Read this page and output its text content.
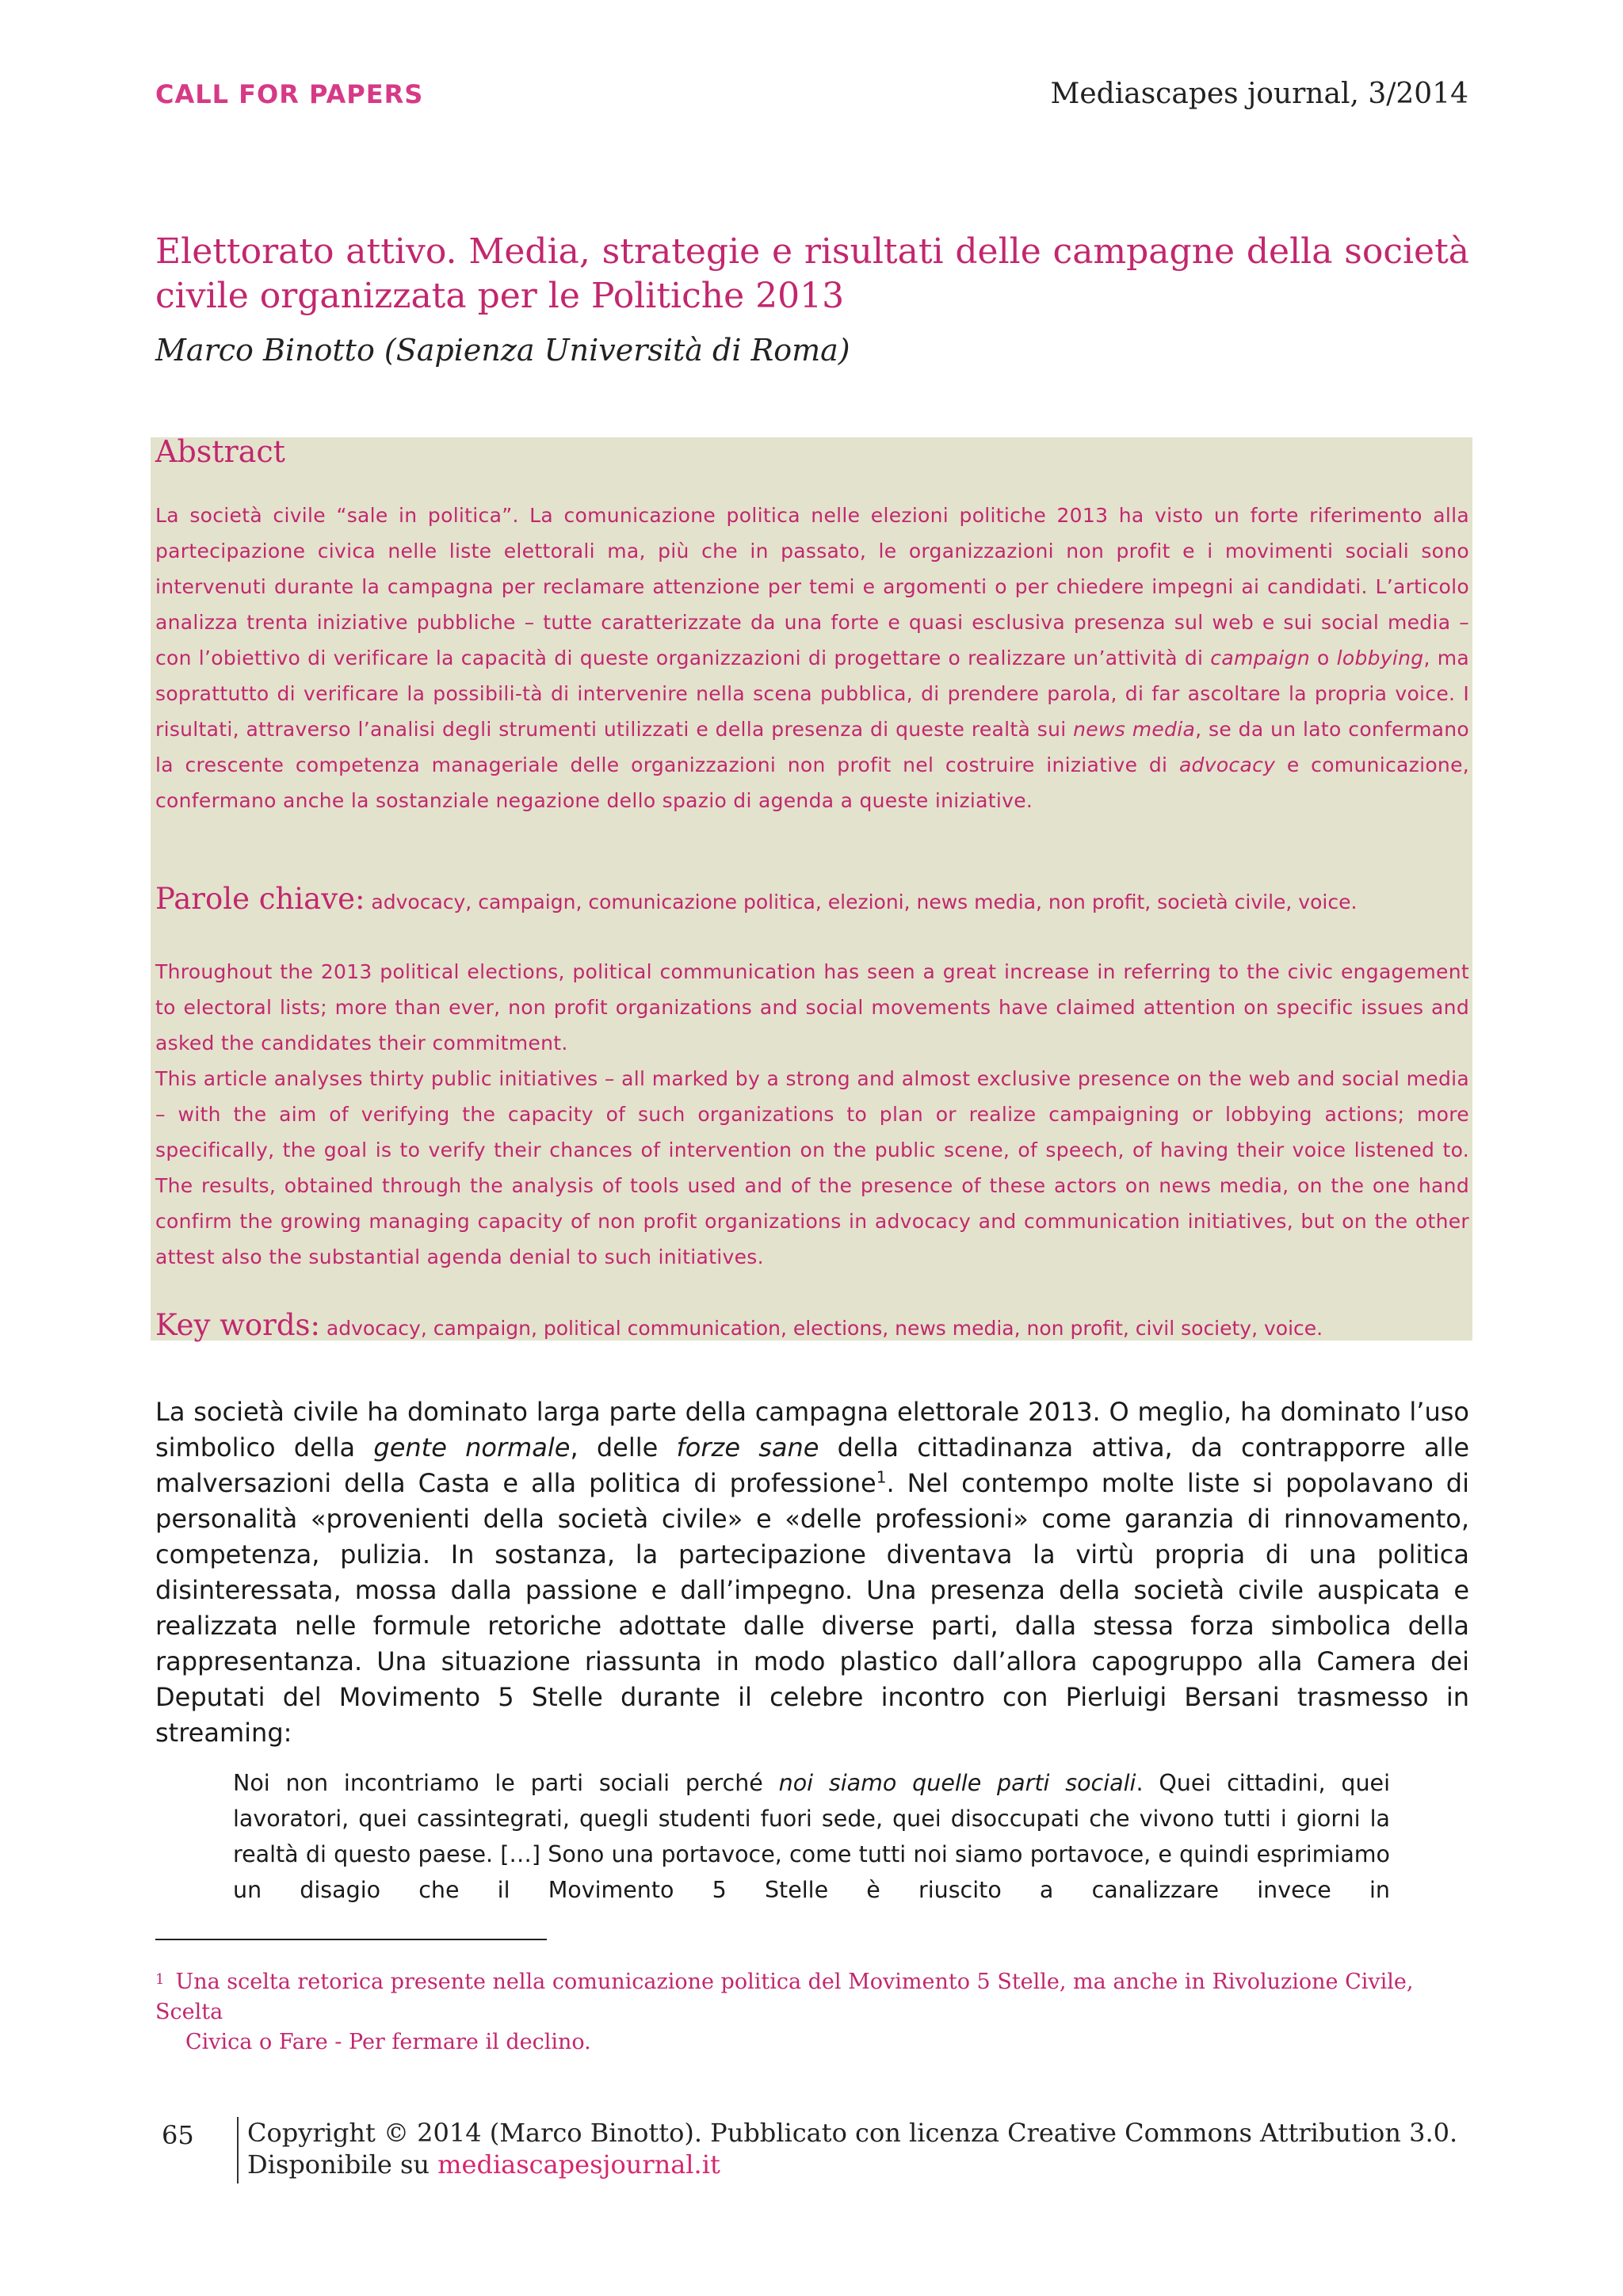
CALL FOR PAPERS	Mediascapes journal, 3/2014
Elettorato attivo. Media, strategie e risultati delle campagne della società civile organizzata per le Politiche 2013
Marco Binotto (Sapienza Università di Roma)
Abstract

La società civile “sale in politica”. La comunicazione politica nelle elezioni politiche 2013 ha visto un forte riferimento alla partecipazione civica nelle liste elettorali ma, più che in passato, le organizzazioni non profit e i movimenti sociali sono intervenuti durante la campagna per reclamare attenzione per temi e argomenti o per chiedere impegni ai candidati. L’articolo analizza trenta iniziative pubbliche – tutte caratterizzate da una forte e quasi esclusiva presenza sul web e sui social media – con l’obiettivo di verificare la capacità di queste organizzazioni di progettare o realizzare un’attività di campaign o lobbying, ma soprattutto di verificare la possibili-tà di intervenire nella scena pubblica, di prendere parola, di far ascoltare la propria voice. I risultati, attraverso l’analisi degli strumenti utilizzati e della presenza di queste realtà sui news media, se da un lato confermano la crescente competenza manageriale delle organizzazioni non profit nel costruire iniziative di advocacy e comunicazione, confermano anche la sostanziale negazione dello spazio di agenda a queste iniziative.

Parole chiave: advocacy, campaign, comunicazione politica, elezioni, news media, non profit, società civile, voice.

Throughout the 2013 political elections, political communication has seen a great increase in referring to the civic engagement to electoral lists; more than ever, non profit organizations and social movements have claimed attention on specific issues and asked the candidates their commitment.

This article analyses thirty public initiatives – all marked by a strong and almost exclusive presence on the web and social media – with the aim of verifying the capacity of such organizations to plan or realize campaigning or lobbying actions; more specifically, the goal is to verify their chances of intervention on the public scene, of speech, of having their voice listened to. The results, obtained through the analysis of tools used and of the presence of these actors on news media, on the one hand confirm the growing managing capacity of non profit organizations in advocacy and communication initiatives, but on the other attest also the substantial agenda denial to such initiatives.

Key words: advocacy, campaign, political communication, elections, news media, non profit, civil society, voice.

La società civile ha dominato larga parte della campagna elettorale 2013. O meglio, ha dominato l’uso simbolico della gente normale, delle forze sane della cittadinanza attiva, da contrapporre alle malversazioni della Casta e alla politica di professione$^1$. Nel contempo molte liste si popolavano di personalità «provenienti della società civile» e «delle professioni» come garanzia di rinnovamento, competenza, pulizia. In sostanza, la partecipazione diventava la virtù propria di una politica disinteressata, mossa dalla passione e dall’impegno. Una presenza della società civile auspicata e realizzata nelle formule retoriche adottate dalle diverse parti, dalla stessa forza simbolica della rappresentanza. Una situazione riassunta in modo plastico dall’allora capogruppo alla Camera dei Deputati del Movimento 5 Stelle durante il celebre incontro con Pierluigi Bersani trasmesso in streaming:

Noi non incontriamo le parti sociali perché noi siamo quelle parti sociali. Quei cittadini, quei lavoratori, quei cassintegrati, quegli studenti fuori sede, quei disoccupati che vivono tutti i giorni la realtà di questo paese. […] Sono una portavoce, come tutti noi siamo portavoce, e quindi esprimiamo un disagio che il Movimento 5 Stelle è riuscito a canalizzare invece in

$^1$ Una scelta retorica presente nella comunicazione politica del Movimento 5 Stelle, ma anche in Rivoluzione Civile, Scelta
Civica o Fare - Per fermare il declino.
65 Copyright © 2014 (Marco Binotto). Pubblicato con licenza Creative Commons Attribution 3.0.
Disponibile su mediascapesjournal.it
